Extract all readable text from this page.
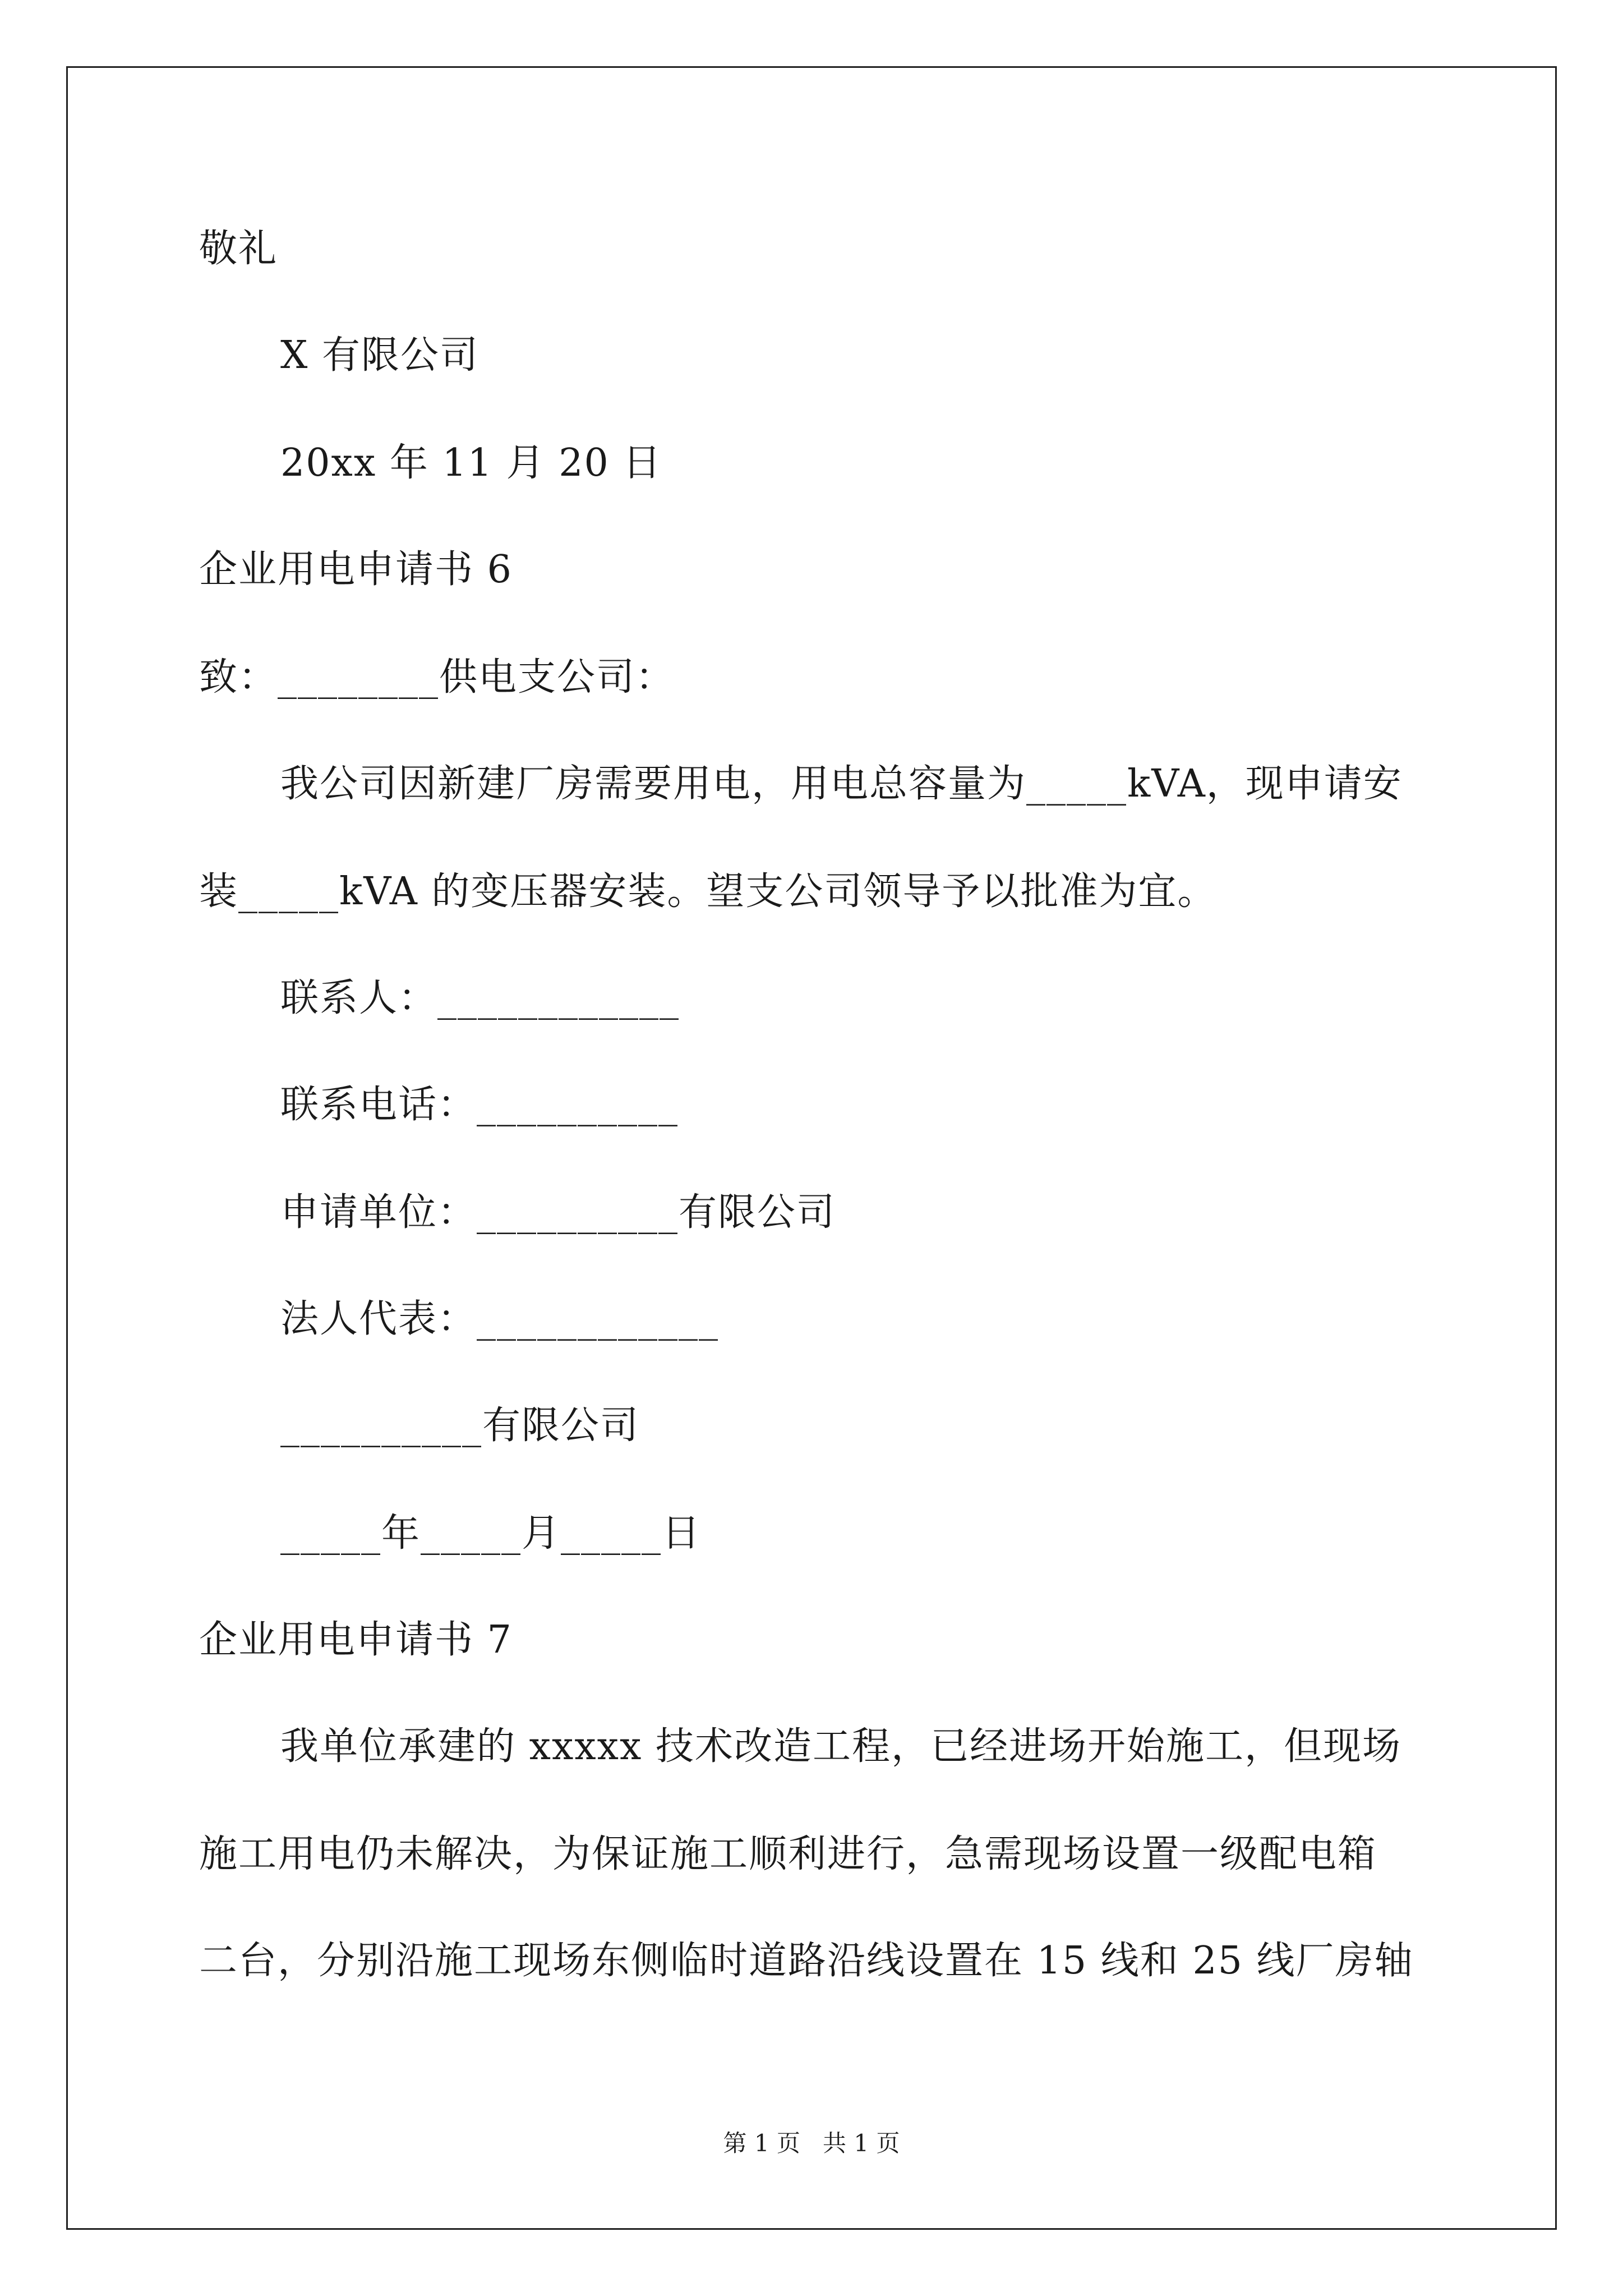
敬礼
X 有限公司
20xx 年 11 月 20 日
企业用电申请书 6
致：________供电支公司：
我公司因新建厂房需要用电，用电总容量为_____kVA，现申请安
装_____kVA 的变压器安装。望支公司领导予以批准为宜。
联系人：____________
联系电话：__________
申请单位：__________有限公司
法人代表：____________
__________有限公司
_____年_____月_____日
企业用电申请书 7
我单位承建的 xxxxx 技术改造工程，已经进场开始施工，但现场
施工用电仍未解决，为保证施工顺利进行，急需现场设置一级配电箱
二台，分别沿施工现场东侧临时道路沿线设置在 15 线和 25 线厂房轴
第 1 页   共 1 页
